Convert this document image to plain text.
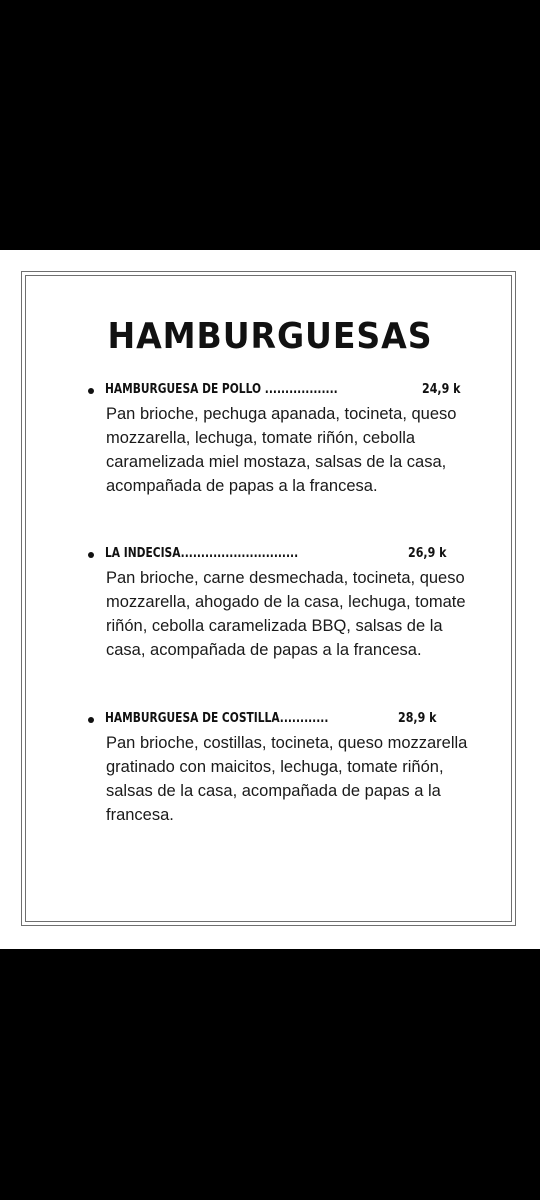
HAMBURGUESAS
HAMBURGUESA DE POLLO ..................	24,9 k
Pan brioche, pechuga apanada, tocineta, queso mozzarella, lechuga, tomate riñón, cebolla caramelizada miel mostaza, salsas de la casa, acompañada de papas a la francesa.
LA INDECISA.............................	26,9 k
Pan brioche, carne desmechada, tocineta, queso mozzarella, ahogado de la casa, lechuga, tomate riñón, cebolla caramelizada BBQ, salsas de la casa, acompañada de papas a la francesa.
HAMBURGUESA DE COSTILLA............	28,9 k
Pan brioche, costillas, tocineta, queso mozzarella gratinado con maicitos, lechuga, tomate riñón, salsas de la casa, acompañada de papas a la francesa.
